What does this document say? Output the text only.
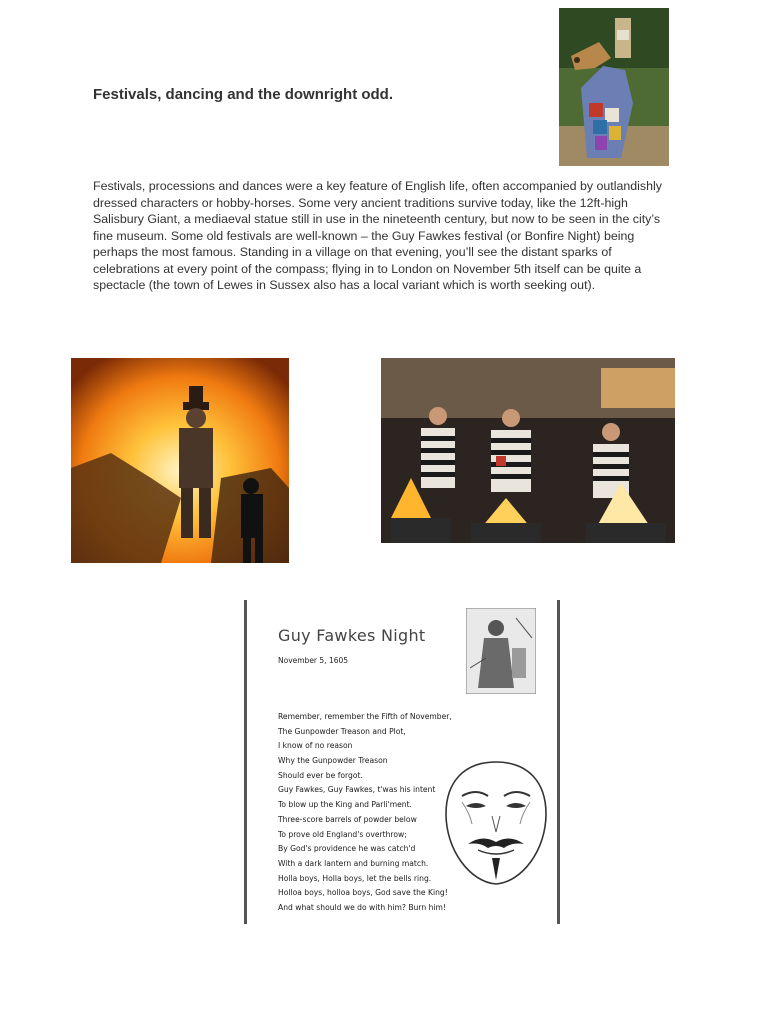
Festivals, dancing and the downright odd.
Festivals, processions and dances were a key feature of English life, often accompanied by outlandishly dressed characters or hobby-horses. Some very ancient traditions survive today, like the 12ft-high Salisbury Giant, a mediaeval statue still in use in the nineteenth century, but now to be seen in the city’s fine museum. Some old festivals are well-known – the Guy Fawkes festival (or Bonfire Night) being perhaps the most famous. Standing in a village on that evening, you’ll see the distant sparks of celebrations at every point of the compass; flying in to London on November 5th itself can be quite a spectacle (the town of Lewes in Sussex also has a local variant which is worth seeking out).
Guy Fawkes Night
November 5, 1605
Remember, remember the Fifth of November,
The Gunpowder Treason and Plot,
I know of no reason
Why the Gunpowder Treason
Should ever be forgot.
Guy Fawkes, Guy Fawkes, t'was his intent
To blow up the King and Parli'ment.
Three-score barrels of powder below
To prove old England's overthrow;
By God's providence he was catch'd
With a dark lantern and burning match.
Holla boys, Holla boys, let the bells ring.
Holloa boys, holloa boys, God save the King!
And what should we do with him? Burn him!
